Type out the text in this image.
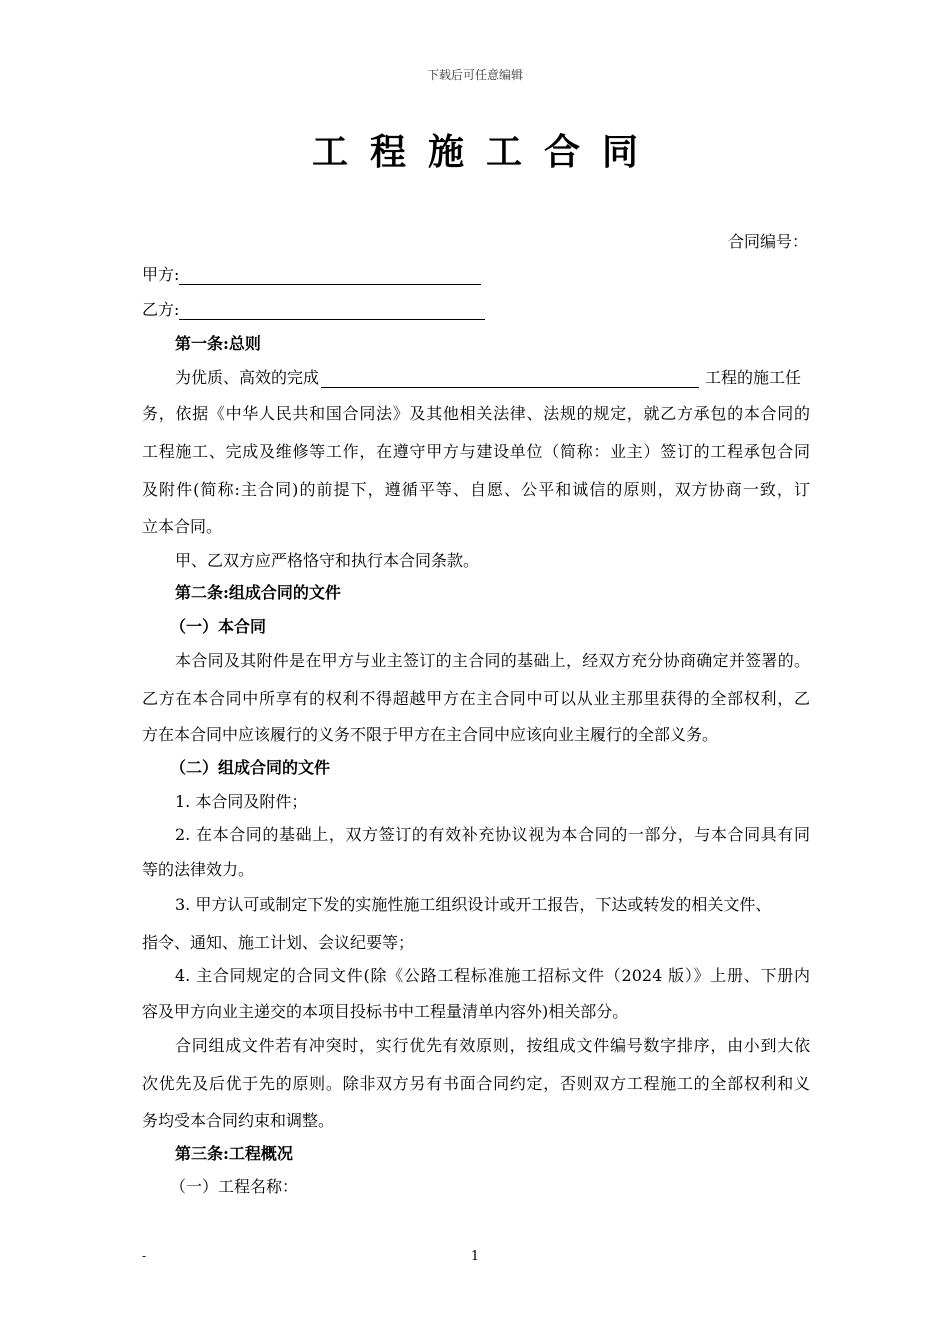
下载后可任意编辑
工程施工合同
合同编号：
甲方:
乙方:
第一条:总则
为优质、高效的完成	工程的施工任
务，依据《中华人民共和国合同法》及其他相关法律、法规的规定，就乙方承包的本合同的
工程施工、完成及维修等工作，在遵守甲方与建设单位（简称：业主）签订的工程承包合同
及附件(简称:主合同)的前提下，遵循平等、自愿、公平和诚信的原则，双方协商一致，订
立本合同。
甲、乙双方应严格恪守和执行本合同条款。
第二条:组成合同的文件
（一）本合同
本合同及其附件是在甲方与业主签订的主合同的基础上，经双方充分协商确定并签署的。
乙方在本合同中所享有的权利不得超越甲方在主合同中可以从业主那里获得的全部权利，乙
方在本合同中应该履行的义务不限于甲方在主合同中应该向业主履行的全部义务。
（二）组成合同的文件
1. 本合同及附件；
2. 在本合同的基础上，双方签订的有效补充协议视为本合同的一部分，与本合同具有同
等的法律效力。
3. 甲方认可或制定下发的实施性施工组织设计或开工报告，下达或转发的相关文件、
指令、通知、施工计划、会议纪要等；
4. 主合同规定的合同文件(除《公路工程标准施工招标文件（2024 版）》上册、下册内
容及甲方向业主递交的本项目投标书中工程量清单内容外)相关部分。
合同组成文件若有冲突时，实行优先有效原则，按组成文件编号数字排序，由小到大依
次优先及后优于先的原则。除非双方另有书面合同约定，否则双方工程施工的全部权利和义
务均受本合同约束和调整。
第三条:工程概况
（一）工程名称：
-	1
